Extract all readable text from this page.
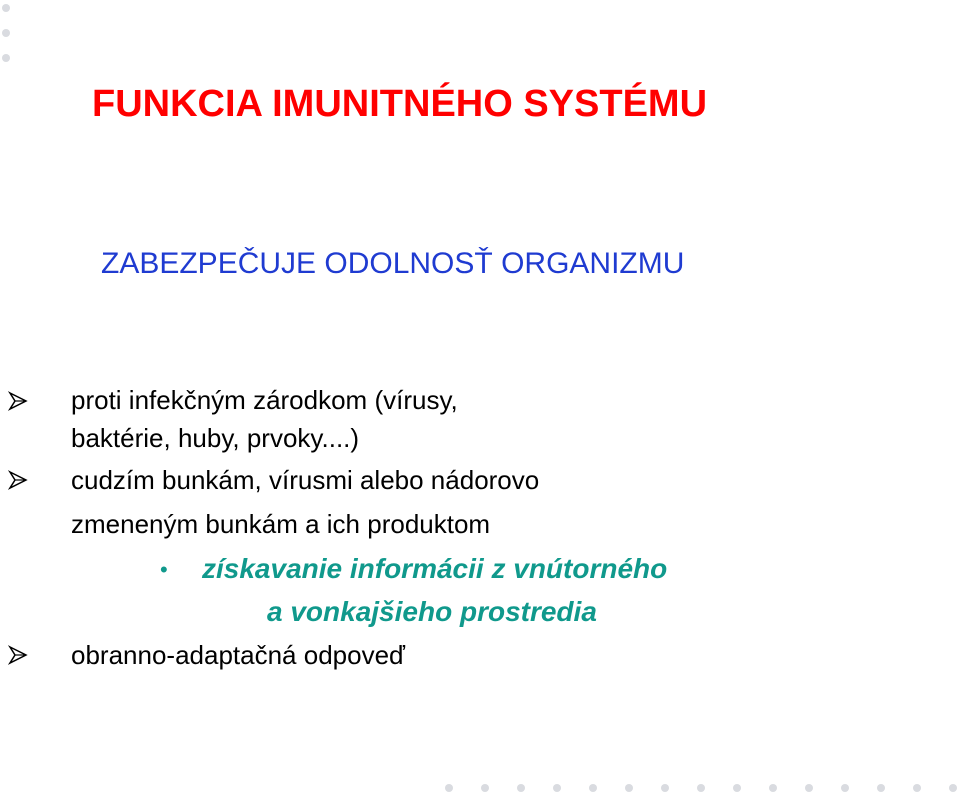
FUNKCIA IMUNITNÉHO SYSTÉMU
ZABEZPEČUJE ODOLNOSŤ ORGANIZMU

proti infekčným zárodkom (vírusy,

baktérie, huby, prvoky....)

cudzím bunkám, vírusmi alebo nádorovo

zmeneným bunkám a ich produktom

• získavanie informácii z vnútorného

a vonkajšieho prostredia

obranno-adaptačná odpoveď
